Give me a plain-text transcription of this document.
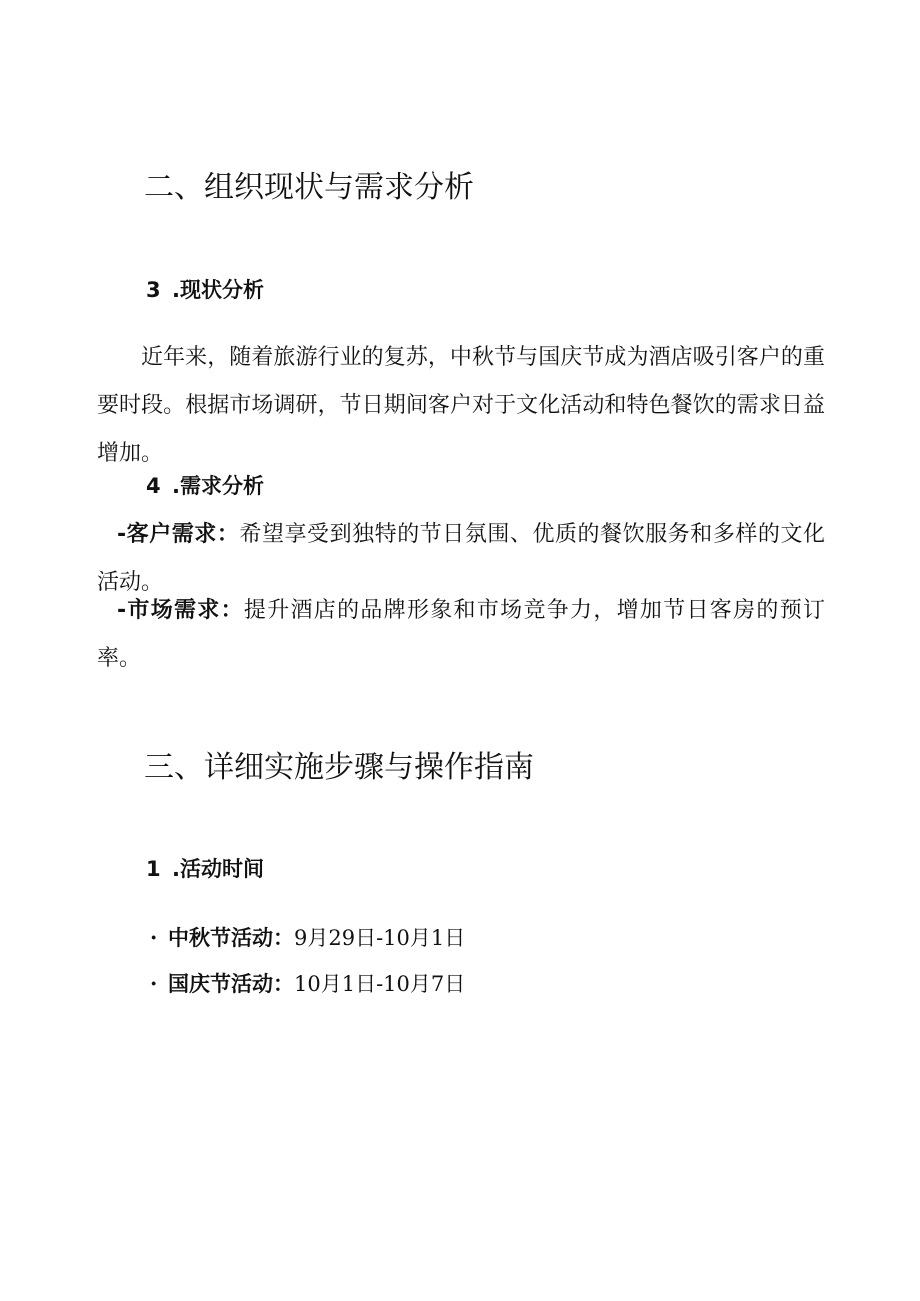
二、组织现状与需求分析
3 .现状分析
近年来，随着旅游行业的复苏，中秋节与国庆节成为酒店吸引客户的重要时段。根据市场调研，节日期间客户对于文化活动和特色餐饮的需求日益增加。
4 .需求分析
-客户需求：希望享受到独特的节日氛围、优质的餐饮服务和多样的文化活动。
-市场需求：提升酒店的品牌形象和市场竞争力，增加节日客房的预订率。
三、详细实施步骤与操作指南
1 .活动时间
· 中秋节活动：9月29日-10月1日
· 国庆节活动：10月1日-10月7日
